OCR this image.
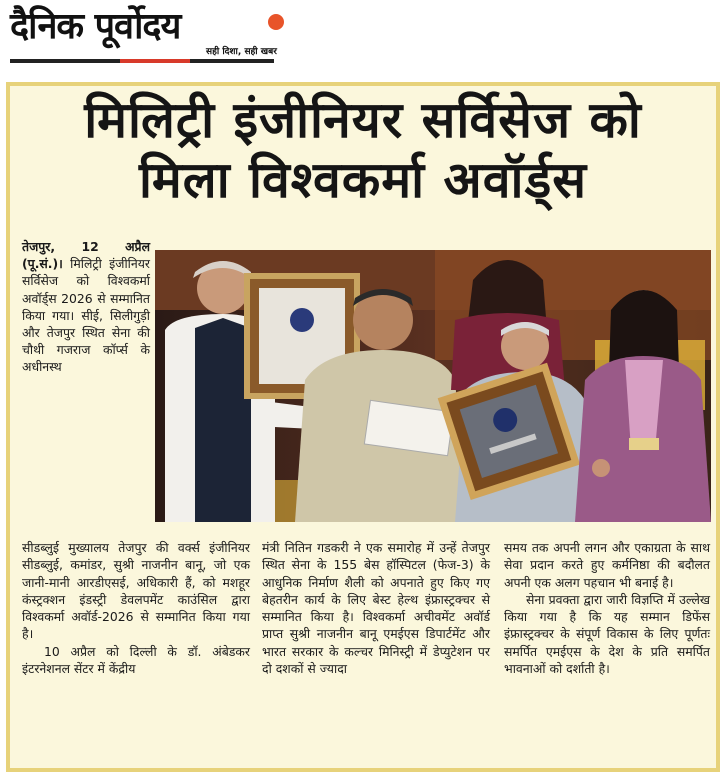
दैनिक पूर्वोदय
सही दिशा, सही खबर
मिलिट्री इंजीनियर सर्विसेज को
मिला विश्वकर्मा अवॉर्ड्स

तेजपुर, 12 अप्रैल (पू.सं.)। मिलिट्री इंजीनियर सर्विसेज को विश्वकर्मा अवॉर्ड्स 2026 से सम्मानित किया गया। सीई, सिलीगुड़ी और तेजपुर स्थित सेना की चौथी गजराज कॉर्प्स के अधीनस्थ

सीडब्लुई मुख्यालय तेजपुर की वर्क्स इंजीनियर सीडब्लुई, कमांडर, सुश्री नाजनीन बानू, जो एक जानी-मानी आरडीएसई, अधिकारी हैं, को मशहूर कंस्ट्रक्शन इंडस्ट्री डेवलपमेंट काउंसिल द्वारा विश्वकर्मा अवॉर्ड-2026 से सम्मानित किया गया है।

10 अप्रैल को दिल्ली के डॉ. अंबेडकर इंटरनेशनल सेंटर में केंद्रीय

मंत्री नितिन गडकरी ने एक समारोह में उन्हें तेजपुर स्थित सेना के 155 बेस हॉस्पिटल (फेज-3) के आधुनिक निर्माण शैली को अपनाते हुए किए गए बेहतरीन कार्य के लिए बेस्ट हेल्थ इंफ्रास्ट्रक्चर से सम्मानित किया है। विश्वकर्मा अचीवमेंट अवॉर्ड प्राप्त सुश्री नाजनीन बानू एमईएस डिपार्टमेंट और भारत सरकार के कल्चर मिनिस्ट्री में डेप्युटेशन पर दो दशकों से ज्यादा

समय तक अपनी लगन और एकाग्रता के साथ सेवा प्रदान करते हुए कर्मनिष्ठा की बदौलत अपनी एक अलग पहचान भी बनाई है।

सेना प्रवक्ता द्वारा जारी विज्ञप्ति में उल्लेख किया गया है कि यह सम्मान डिफेंस इंफ्रास्ट्रक्चर के संपूर्ण विकास के लिए पूर्णतः समर्पित एमईएस के देश के प्रति समर्पित भावनाओं को दर्शाती है।
